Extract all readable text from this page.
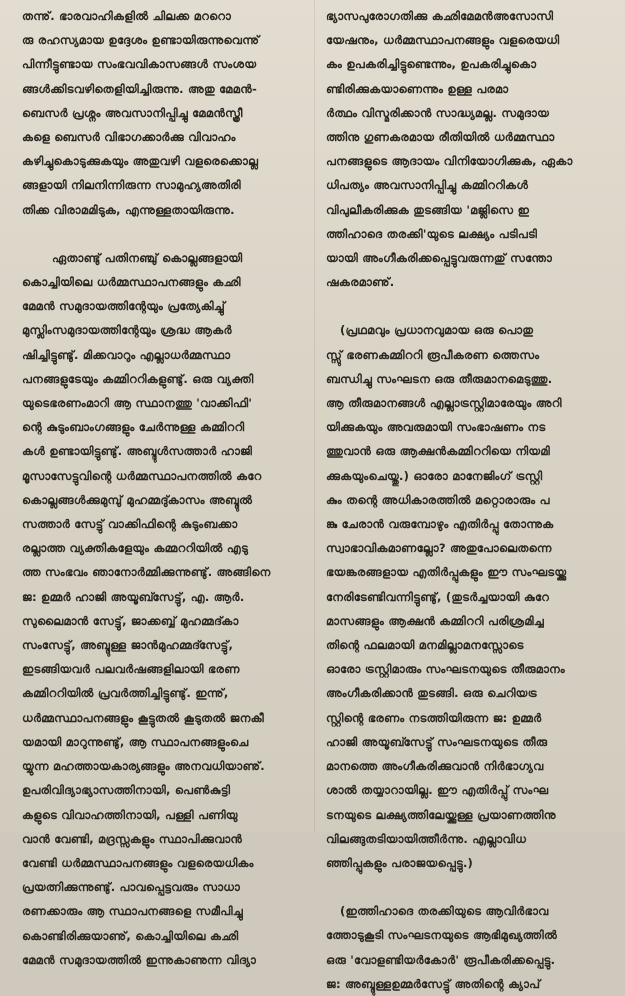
തന്നു്. ഭാരവാഹികളിൽ ചിലക്ക മററൊ
രു രഹസ്യമായ ഉദ്ദേശം ഉണ്ടായിരുന്നുവെന്നു്
പിന്നീട്ടുണ്ടായ സംഭവവികാസങ്ങൾ സംശയ
ങ്ങൾക്കിടവഴിതെളിയിച്ചിരുന്നു. അതു മേമൻ-
ബെസർ പ്രശ്നം അവസാനിപ്പിച്ചു മേമൻസ്ത്രീ
കളെ ബെസർ വിഭാഗക്കാർക്കു വിവാഹം
കഴിച്ചുകൊടുക്കുകയും അതുവഴി വളരെക്കൊല്ല
ങ്ങളായി നിലനിന്നിരുന്ന സാമുഹ്യഅതിരി
തിക്ക വിരാമമിടുക, എന്നുള്ളതായിരുന്നു.

ഏതാണ്ടു് പതിനഞ്ചു് കൊല്ലങ്ങളായി
കൊച്ചിയിലെ ധർമ്മസ്ഥാപനങ്ങളും കഛി
മേമൻ സമുദായത്തിന്റേയും പ്രത്യേകിച്ചു്
മുസ്ലിംസമുദായത്തിന്റേയും ശ്രദ്ധ ആകർ
ഷിച്ചിട്ടുണ്ടു്. മിക്കവാറും എല്ലാധർമ്മസ്ഥാ
പനങ്ങളുടേയും കമ്മിററികളുണ്ടു്. ഒരു വ്യക്തി
യുടെഭരണംമാറി ആ സ്ഥാനത്തു 'വാക്കിഫി'
ന്റെ കുടുംബാംഗങ്ങളും ചേർന്നുള്ള കമ്മിററി
കൾ ഉണ്ടായിട്ടുണ്ടു്. അബ്ദുൾസത്താർ ഹാജി
മൂസാസേട്ടുവിന്റെ ധർമ്മസ്ഥാപനത്തിൽ കറേ
കൊല്ലങ്ങൾക്കുമുമ്പു് മുഹമ്മദു്കാസം അബ്ദുൽ
സത്താർ സേട്ടു് വാക്കിഫിന്റെ കുടുംബക്കാ
രല്ലാത്ത വ്യക്തികളേയും കമ്മററിയിൽ എടു
ത്ത സംഭവം ഞാനോർമ്മിക്കുന്നുണ്ടു്. അങ്ങിനെ
ജ: ഉമ്മർ ഹാജി അയൂബ്സേട്ടു്, എ. ആർ.
സുലൈമാൻ സേട്ടു്, ജാക്കബ്ബ് മുഹമ്മദ്കാ
സംസേട്ടു്, അബ്ദുള്ള ജാൻമുഹമ്മദ്സേട്ടു്,
ഇടങ്ങിയവർ പലവർഷങ്ങളിലായി ഭരണ
കമ്മിററിയിൽ പ്രവർത്തിച്ചിട്ടുണ്ടു്. ഇന്നു്,
ധർമ്മസ്ഥാപനങ്ങളും കൂട്ടുതൽ കൂടുതൽ ജനകീ
യമായി മാറുന്നുണ്ടു്, ആ സ്ഥാപനങ്ങളുംചെ
യ്യുന്ന മഹത്തായകാര്യങ്ങളും അനവധിയാണു്.
ഉപരിവിദ്യാഭ്യാസത്തിനായി, പെൺകുട്ടി
കളുടെ വിവാഹത്തിനായി, പള്ളി പണിയു
വാൻ വേണ്ടി, മദ്രസ്സകളും സ്ഥാപിക്കുവാൻ
വേണ്ടി ധർമ്മസ്ഥാപനങ്ങളും വളരെയധികം
പ്രയത്നിക്കുന്നുണ്ടു്. പാവപ്പെട്ടവരും സാധാ
രണക്കാരും ആ സ്ഥാപനങ്ങളെ സമീപിച്ചു
കൊണ്ടിരിക്കുയാണു്, കൊച്ചിയിലെ കഛി
മേമൻ സമുദായത്തിൽ ഇന്നുകാണുന്ന വിദ്യാ

ഭ്യാസപുരോഗതിക്കു കഛിമേമൻഅസോസി
യേഷനും, ധർമ്മസ്ഥാപനങ്ങളും വളരെയധി
കം ഉപകരിച്ചിട്ടുണ്ടെന്നും, ഉപകരിച്ചുകൊ
ണ്ടിരിക്കുകയാണെന്നും ഉള്ള പരമാ
ർത്ഥം വിസ്മരിക്കാൻ സാദ്ധ്യമല്ല. സമുദായ
ത്തിനു ഗുണകരമായ രീതിയിൽ ധർമ്മസ്ഥാ
പനങ്ങളുടെ ആദായം വിനിയോഗിക്കുക, ഏകാ
ധിപത്യം അവസാനിപ്പിച്ചു കമ്മിററികൾ
വിപുലീകരിക്കുക തുടങ്ങിയ 'മജ്ലിസെ ഇ
ത്തിഹാദെ തരക്കി'യുടെ ലക്ഷ്യം പടിപടി
യായി അംഗീകരിക്കപ്പെട്ടുവരുന്നതു് സന്തോ
ഷകരമാണു്.

(പ്രഥമവും പ്രധാനവുമായ ഒരു പൊതു
സ്സു് ഭരണകമ്മിററി രൂപീകരണ ത്തെസം
ബന്ധിച്ചു സംഘടന ഒരു തീരുമാനമെടുത്തു.
ആ തീരുമാനങ്ങൾ എല്ലാട്രസ്റ്റിമാരേയും അറി
യിക്കുകയും അവരുമായി സംഭാഷണം നട
ത്തുവാൻ ഒരു ആക്ഷൻകമ്മിററിയെ നിയമി
ക്കുകയുംചെയ്തു.) ഓരോ മാനേജിംഗ് ട്രസ്റ്റി
കും തന്റെ അധികാരത്തിൽ മറ്റൊരാരും പ
ങ്കു ചേരാൻ വരുമ്പോഴും എതിർപ്പു തോന്നുക
സ്വാഭാവികമാണല്ലോ? അതുപോലെതന്നെ
ഭയങ്കരങ്ങളായ എതിർപ്പുകളും ഈ സംഘടയ്ക്കു
നേരിടേണ്ടിവന്നിട്ടുണ്ടു്, (തുടർച്ചയായി കുറേ
മാസങ്ങളും ആക്ഷൻ കമ്മിററി പരിശ്രമിച്ച
തിന്റെ ഫലമായി മനമില്ലാമനസ്സോടെ
ഓരോ ട്രസ്റ്റിമാരും സംഘടനയുടെ തീരുമാനം
അംഗീകരിക്കാൻ തുടങ്ങി. ഒരു ചെറിയട്ര
സ്റ്റിന്റെ ഭരണം നടത്തിയിരുന്ന ജ: ഉമ്മർ
ഹാജി അയൂബ്സേട്ടു് സംഘടനയുടെ തീരു
മാനത്തെ അംഗീകരിക്കുവാൻ നിർഭാഗ്യവ
ശാൽ തയ്യാറായില്ല. ഈ എതിർപ്പു് സംഘ
ടനയുടെ ലക്ഷ്യത്തിലേയ്ക്കുള്ള പ്രയാണത്തിനു
വിലങ്ങുതടിയായിത്തീർന്നു. എല്ലാവിധ
ഞ്ഞിപ്പുകളും പരാജയപ്പെട്ടു.)

(ഇത്തിഹാദെ തരക്കിയുടെ ആവിർഭാവ
ത്തോടുകൂടി സംഘടനയുടെ ആഭിമുഖ്യത്തിൽ
ഒരു 'വോളണ്ടിയർകോർ' രൂപീകരിക്കപ്പെട്ടു.
ജ: അബ്ദുള്ളഉമ്മർസേട്ടു് അതിന്റെ ക്യാപ്
